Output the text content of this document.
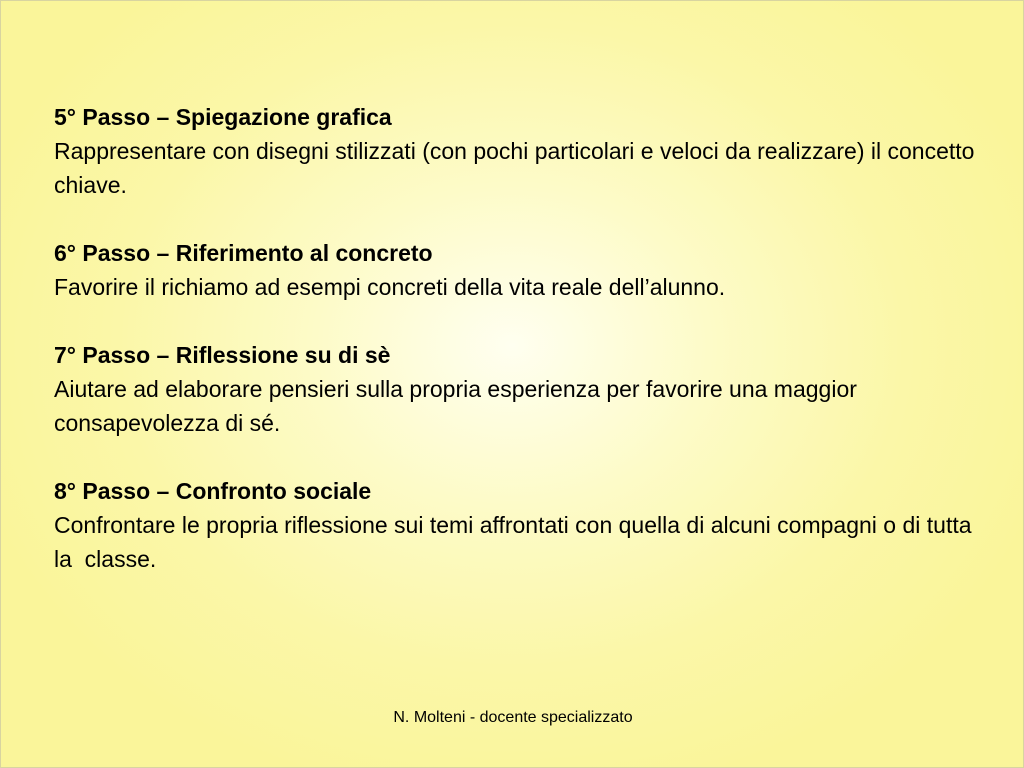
5° Passo – Spiegazione grafica

Rappresentare con disegni stilizzati (con pochi particolari e veloci da realizzare) il concetto chiave.

6° Passo – Riferimento al concreto

Favorire il richiamo ad esempi concreti della vita reale dell’alunno.

7° Passo – Riflessione su di sè

Aiutare ad elaborare pensieri sulla propria esperienza per favorire una maggior consapevolezza di sé.

8° Passo – Confronto sociale

Confrontare le propria riflessione sui temi affrontati con quella di alcuni compagni o di tutta la  classe.

N. Molteni - docente specializzato
